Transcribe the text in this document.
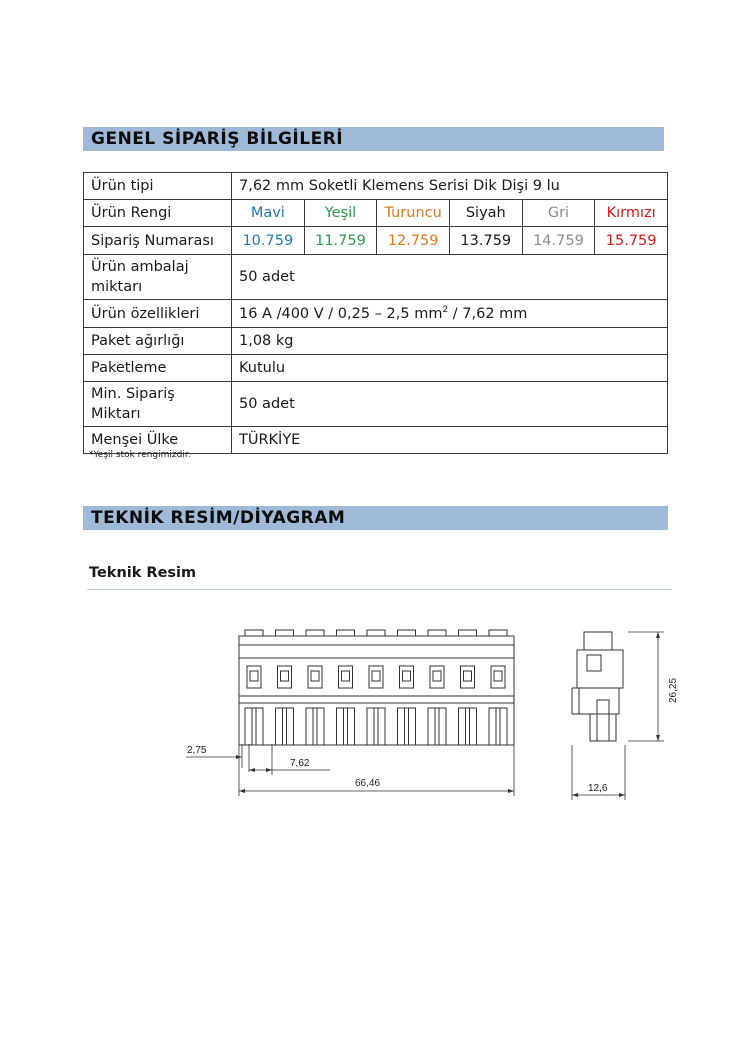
GENEL SİPARİŞ BİLGİLERİ
Ürün tipi	7,62 mm Soketli Klemens Serisi Dik Dişi 9 lu					
Ürün Rengi	Mavi	Yeşil	Turuncu	Siyah	Gri	Kırmızı
Sipariş Numarası	10.759	11.759	12.759	13.759	14.759	15.759
Ürün ambalaj
miktarı	50 adet					
Ürün özellikleri	16 A /400 V / 0,25 – 2,5 $mm^2 / 7,62$ mm					
Paket ağırlığı	1,08 kg					
Paketleme	Kutulu					
Min. Sipariş
Miktarı	50 adet					
Menşei Ülke	TÜRKİYE					
*Yeşil stok rengimizdir.
TEKNİK RESİM/DİYAGRAM
Teknik Resim
2,75
7,62
66,46
26,25
12,6
